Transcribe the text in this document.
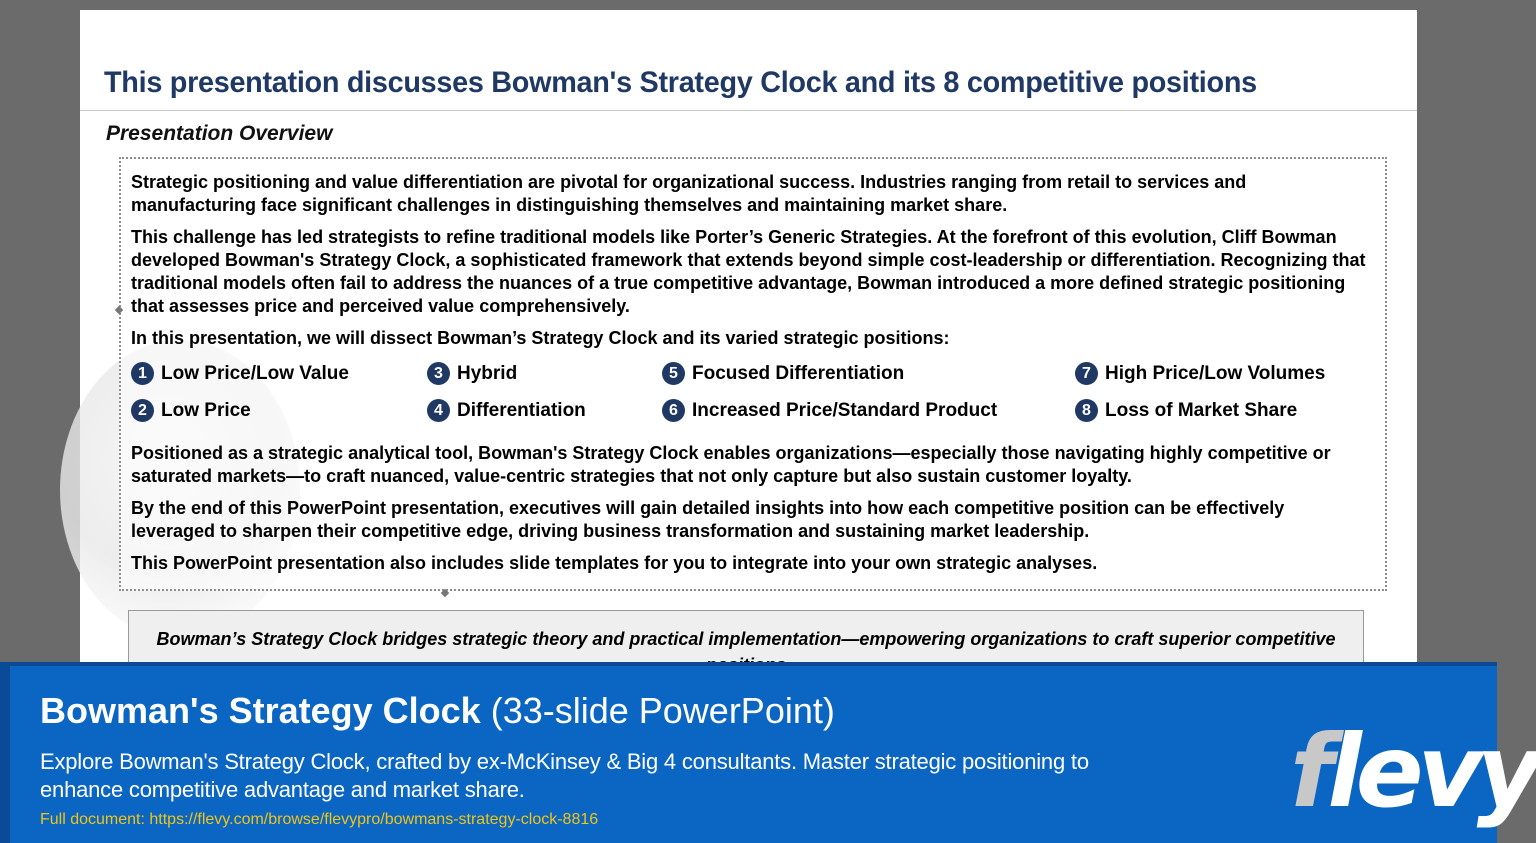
This presentation discusses Bowman's Strategy Clock and its 8 competitive positions
Presentation Overview

Strategic positioning and value differentiation are pivotal for organizational success. Industries ranging from retail to services and manufacturing face significant challenges in distinguishing themselves and maintaining market share.

This challenge has led strategists to refine traditional models like Porter’s Generic Strategies. At the forefront of this evolution, Cliff Bowman developed Bowman's Strategy Clock, a sophisticated framework that extends beyond simple cost-leadership or differentiation. Recognizing that traditional models often fail to address the nuances of a true competitive advantage, Bowman introduced a more defined strategic positioning that assesses price and perceived value comprehensively.

In this presentation, we will dissect Bowman’s Strategy Clock and its varied strategic positions:

1 Low Price/Low Value	3 Hybrid	5 Focused Differentiation	7 High Price/Low Volumes
2 Low Price	4 Differentiation	6 Increased Price/Standard Product	8 Loss of Market Share

Positioned as a strategic analytical tool, Bowman's Strategy Clock enables organizations—especially those navigating highly competitive or saturated markets—to craft nuanced, value-centric strategies that not only capture but also sustain customer loyalty.

By the end of this PowerPoint presentation, executives will gain detailed insights into how each competitive position can be effectively leveraged to sharpen their competitive edge, driving business transformation and sustaining market leadership.

This PowerPoint presentation also includes slide templates for you to integrate into your own strategic analyses.

Bowman’s Strategy Clock bridges strategic theory and practical implementation—empowering organizations to craft superior competitive
Bowman's Strategy Clock (33-slide PowerPoint)

Explore Bowman's Strategy Clock, crafted by ex-McKinsey & Big 4 consultants. Master strategic positioning to enhance competitive advantage and market share.

Full document: https://flevy.com/browse/flevypro/bowmans-strategy-clock-8816	flevy
